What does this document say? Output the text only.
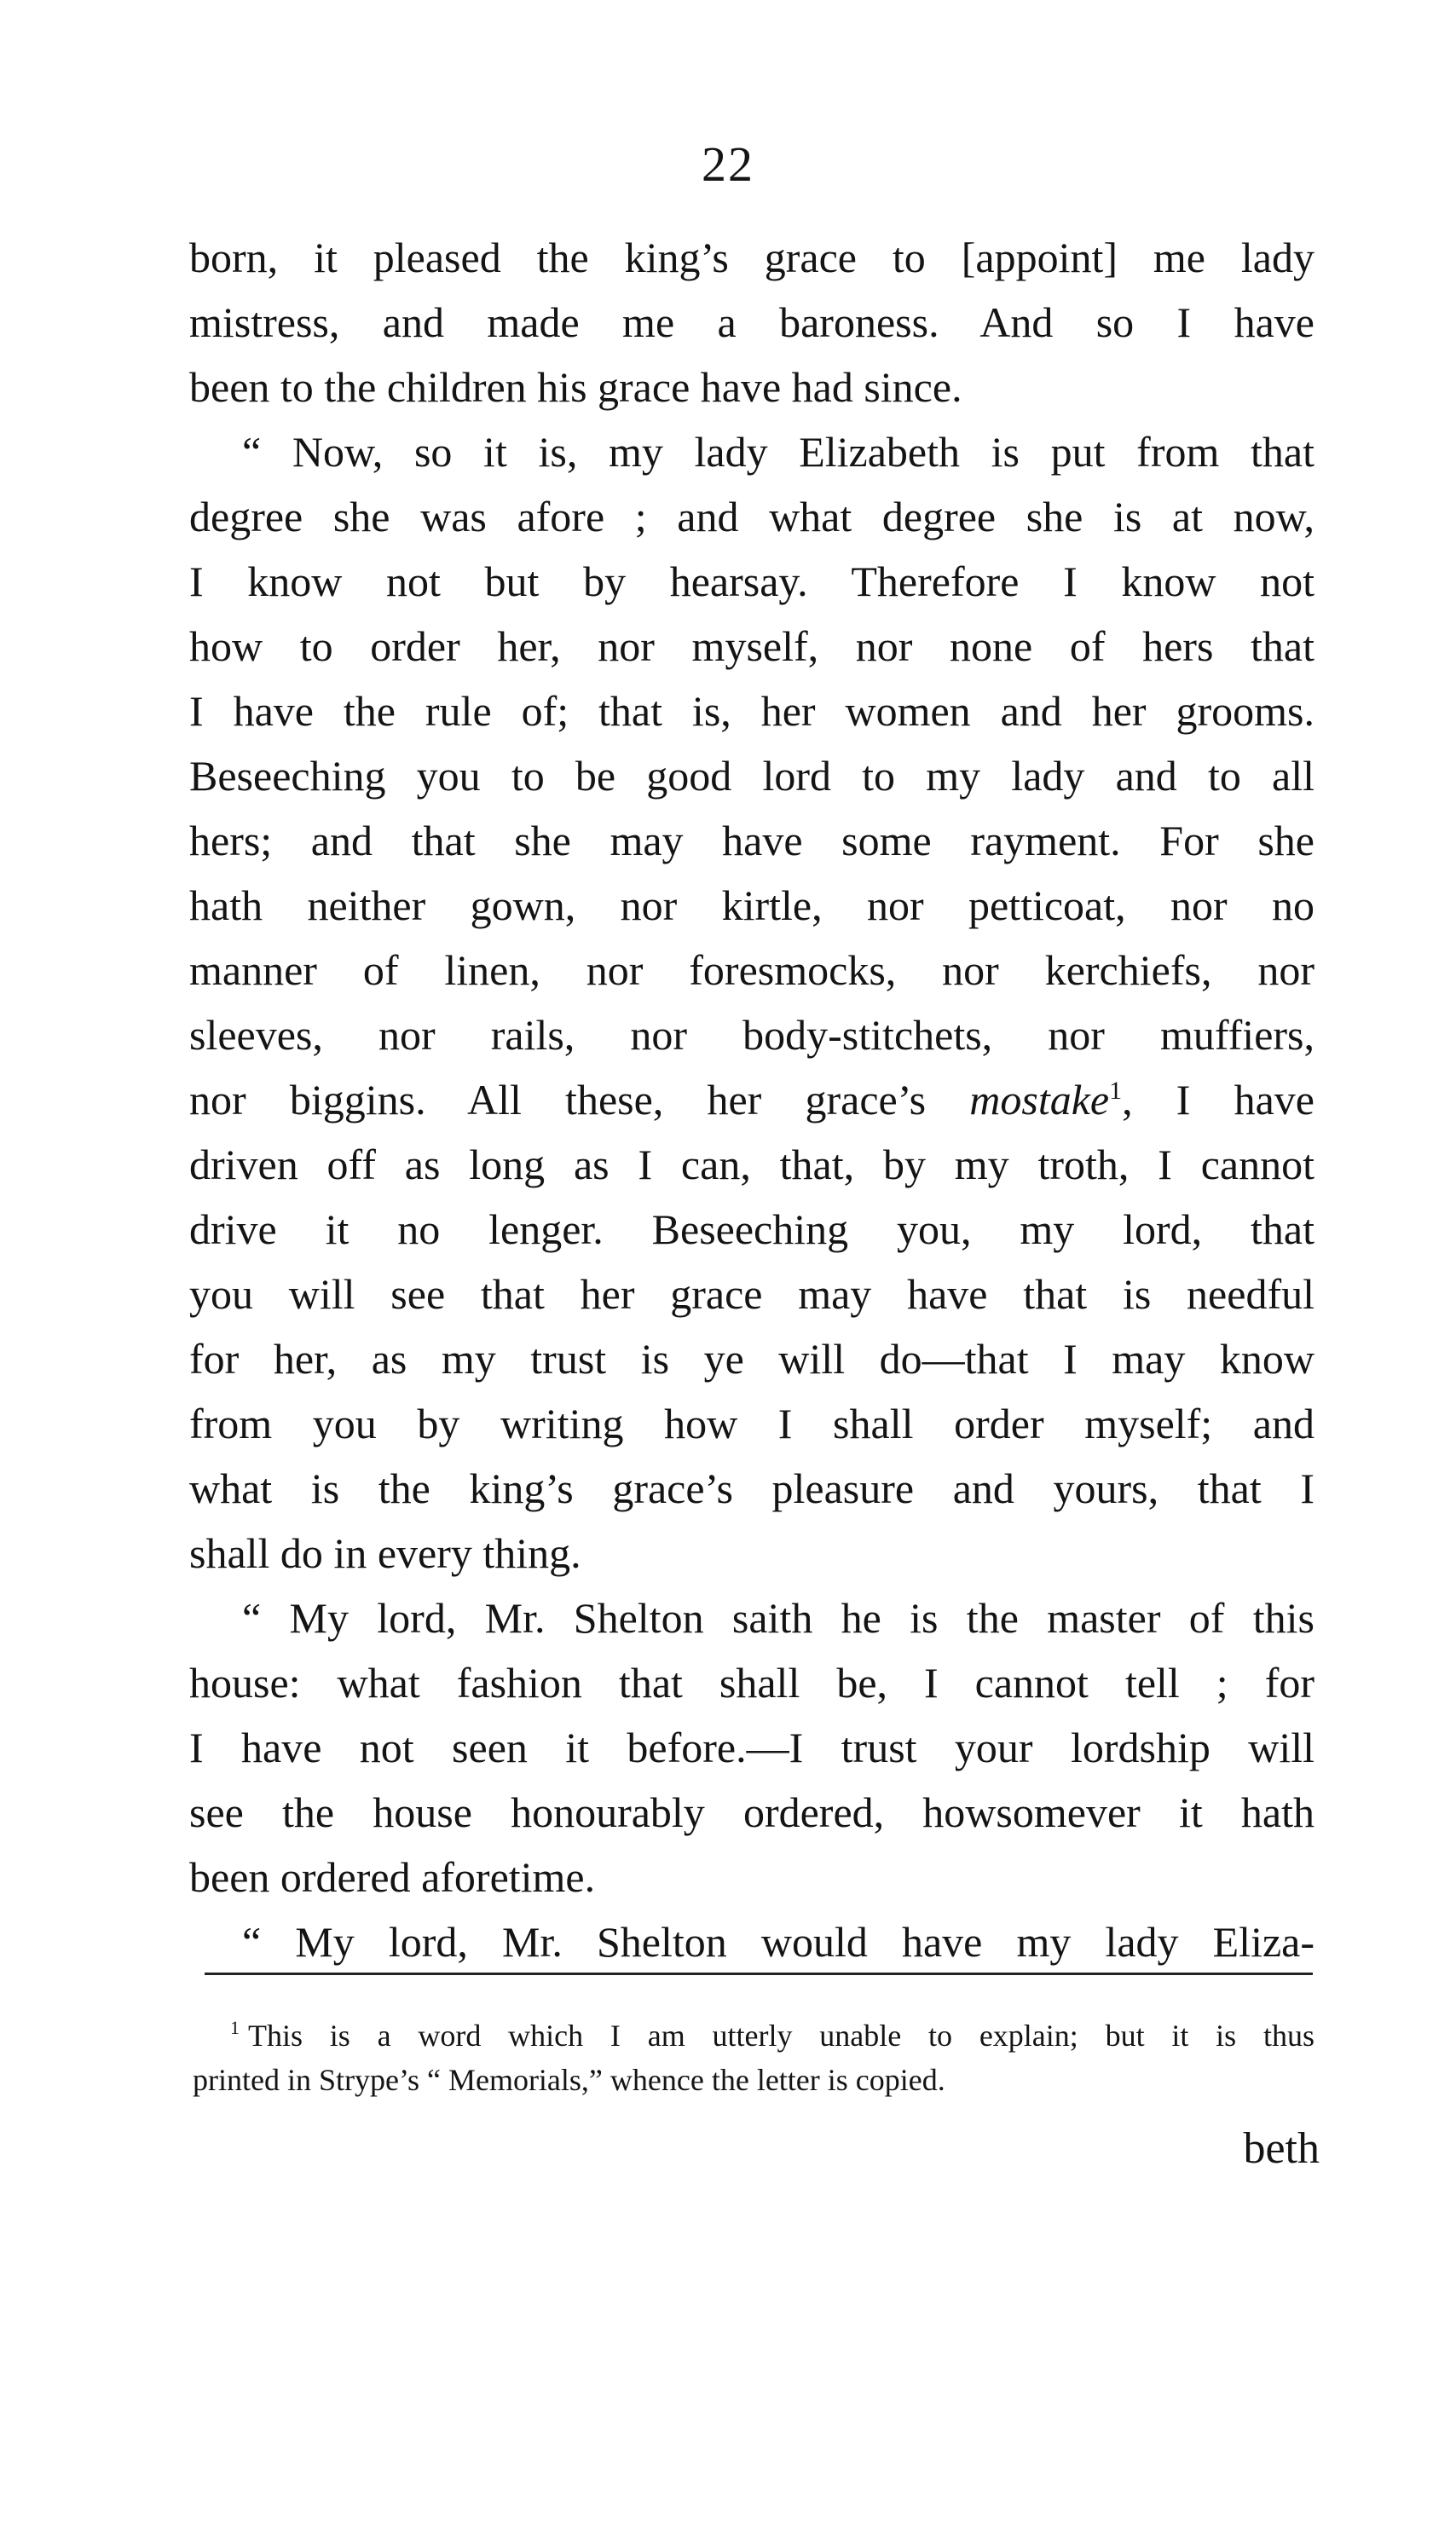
22
born, it pleased the king’s grace to [appoint] me lady
mistress, and made me a baroness. And so I have
been to the children his grace have had since.
“ Now, so it is, my lady Elizabeth is put from that
degree she was afore ; and what degree she is at now,
I know not but by hearsay. Therefore I know not
how to order her, nor myself, nor none of hers that
I have the rule of; that is, her women and her grooms.
Beseeching you to be good lord to my lady and to all
hers; and that she may have some rayment. For she
hath neither gown, nor kirtle, nor petticoat, nor no
manner of linen, nor foresmocks, nor kerchiefs, nor
sleeves, nor rails, nor body-stitchets, nor muffiers,
nor biggins. All these, her grace’s mostake$^1$, I have
driven off as long as I can, that, by my troth, I cannot
drive it no lenger. Beseeching you, my lord, that
you will see that her grace may have that is needful
for her, as my trust is ye will do—that I may know
from you by writing how I shall order myself; and
what is the king’s grace’s pleasure and yours, that I
shall do in every thing.
“ My lord, Mr. Shelton saith he is the master of this
house: what fashion that shall be, I cannot tell ; for
I have not seen it before.—I trust your lordship will
see the house honourably ordered, howsomever it hath
been ordered aforetime.
“ My lord, Mr. Shelton would have my lady Eliza-
$^1$ This is a word which I am utterly unable to explain; but it is thus
printed in Strype’s “ Memorials,” whence the letter is copied.
beth
